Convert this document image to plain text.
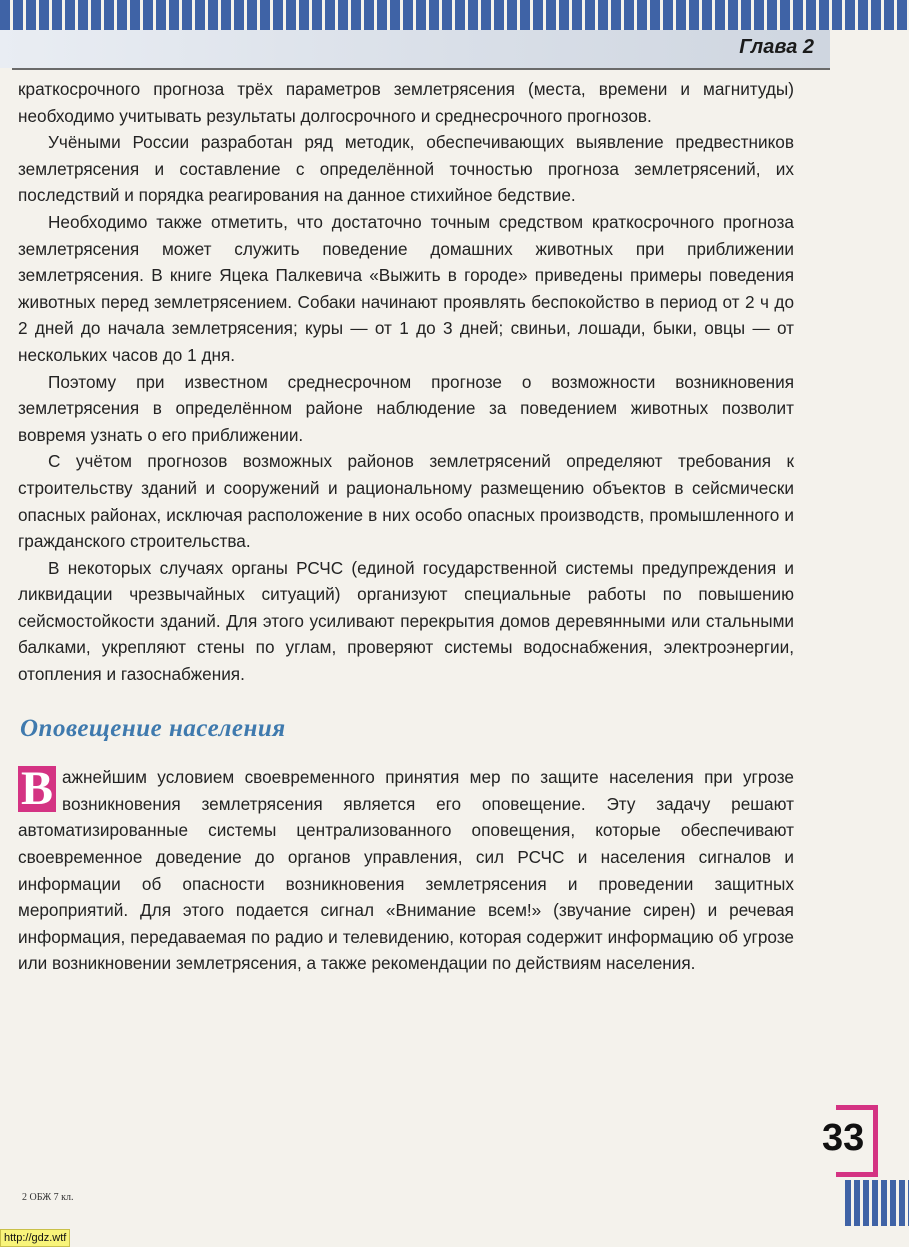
Глава 2

краткосрочного прогноза трёх параметров землетрясения (места, времени и магнитуды) необходимо учитывать результаты долгосрочного и среднесрочного прогнозов.

Учёными России разработан ряд методик, обеспечивающих выявление предвестников землетрясения и составление с определённой точностью прогноза землетрясений, их последствий и порядка реагирования на данное стихийное бедствие.

Необходимо также отметить, что достаточно точным средством краткосрочного прогноза землетрясения может служить поведение домашних животных при приближении землетрясения. В книге Яцека Палкевича «Выжить в городе» приведены примеры поведения животных перед землетрясением. Собаки начинают проявлять беспокойство в период от 2 ч до 2 дней до начала землетрясения; куры — от 1 до 3 дней; свиньи, лошади, быки, овцы — от нескольких часов до 1 дня.

Поэтому при известном среднесрочном прогнозе о возможности возникновения землетрясения в определённом районе наблюдение за поведением животных позволит вовремя узнать о его приближении.

С учётом прогнозов возможных районов землетрясений определяют требования к строительству зданий и сооружений и рациональному размещению объектов в сейсмически опасных районах, исключая расположение в них особо опасных производств, промышленного и гражданского строительства.

В некоторых случаях органы РСЧС (единой государственной системы предупреждения и ликвидации чрезвычайных ситуаций) организуют специальные работы по повышению сейсмостойкости зданий. Для этого усиливают перекрытия домов деревянными или стальными балками, укрепляют стены по углам, проверяют системы водоснабжения, электроэнергии, отопления и газоснабжения.

Оповещение населения

В ажнейшим условием своевременного принятия мер по защите населения при угрозе возникновения землетрясения является его оповещение. Эту задачу решают автоматизированные системы централизованного оповещения, которые обеспечивают своевременное доведение до органов управления, сил РСЧС и населения сигналов и информации об опасности возникновения землетрясения и проведении защитных мероприятий. Для этого подается сигнал «Внимание всем!» (звучание сирен) и речевая информация, передаваемая по радио и телевидению, которая содержит информацию об угрозе или возникновении землетрясения, а также рекомендации по действиям населения.

2 ОБЖ 7 кл.
33
http://gdz.wtf
